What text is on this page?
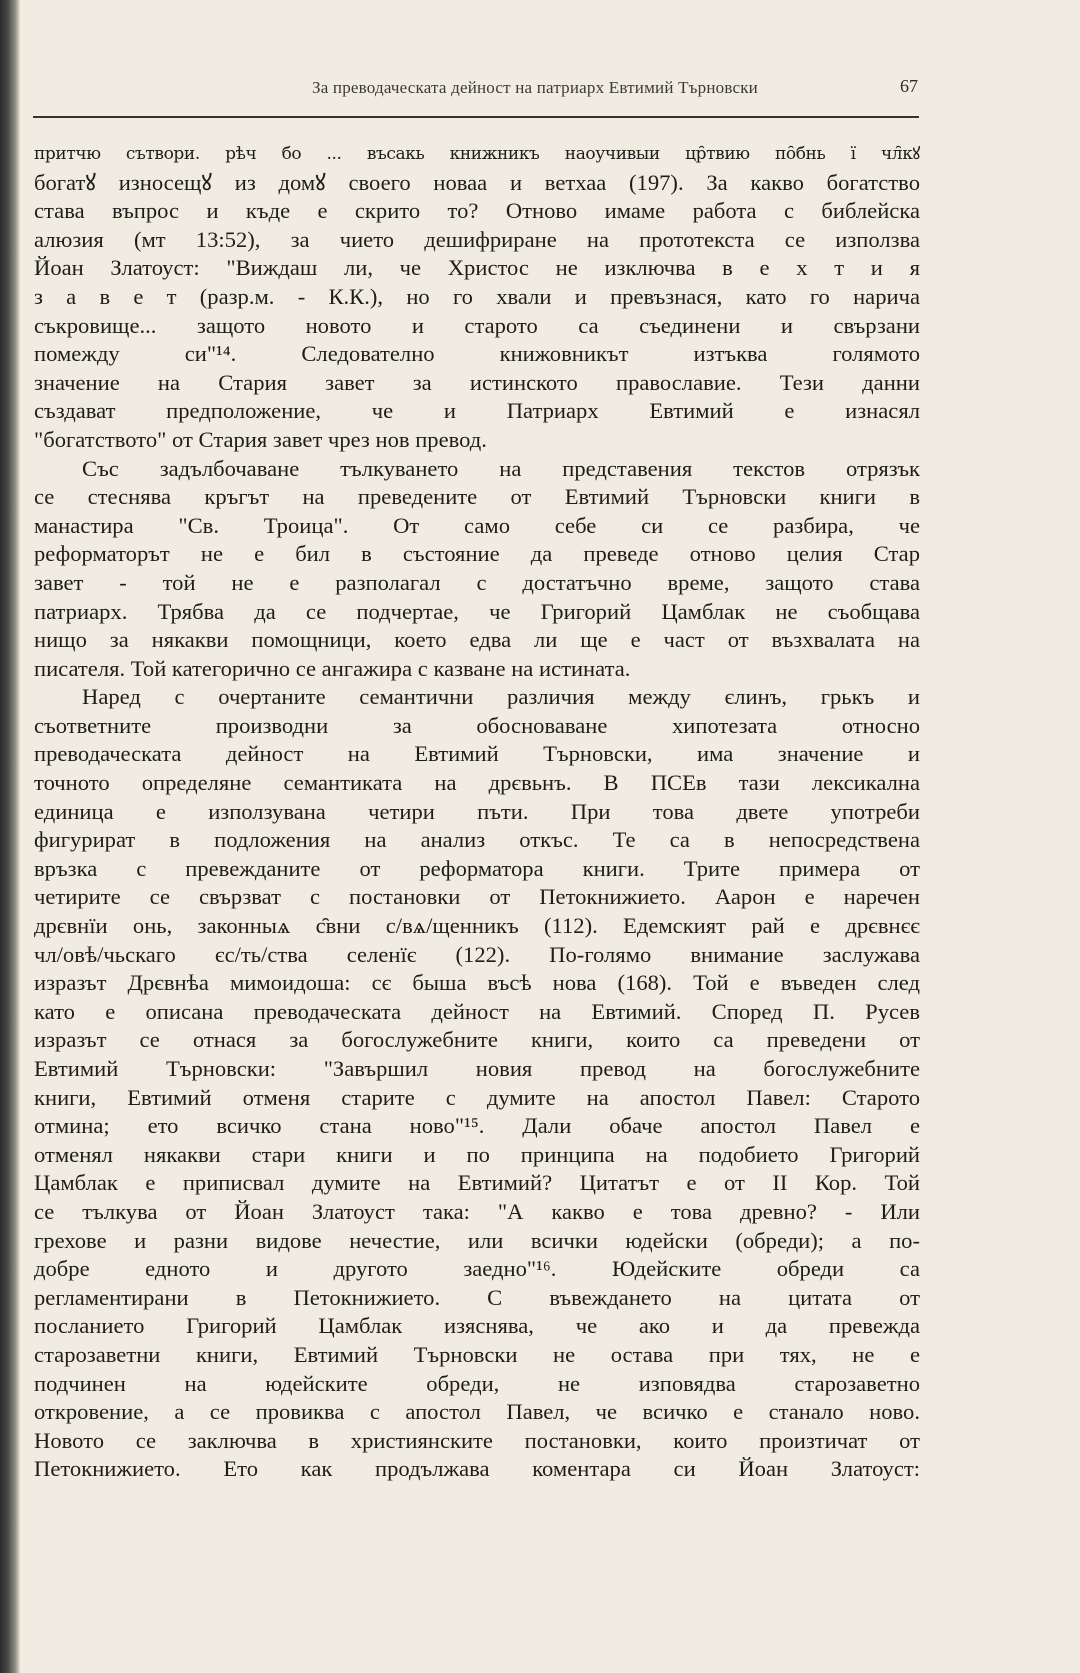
За преводаческата дейност на патриарх Евтимий Търновски	67
притчю сътвори. рѣч бо ... въсакь книжникъ наоучивыи цр̑твию по̑бнь ї чл̑кꙋ
богатꙋ износещꙋ из домꙋ своего новаа и ветхаа (197). За какво богатство
става въпрос и къде е скрито то? Отново имаме работа с библейска
алюзия (мт 13:52), за чието дешифриране на прототекста се използва
Йоан Златоуст: "Виждаш ли, че Христос не изключва в е х т и я
з а в е т (разр.м. - К.К.), но го хвали и превъзнася, като го нарича
съкровище... защото новото и старото са съединени и свързани
помежду си"¹⁴. Следователно книжовникът изтъква голямото
значение на Стария завет за истинското православие. Тези данни
създават предположение, че и Патриарх Евтимий е изнасял
"богатството" от Стария завет чрез нов превод.
Със задълбочаване тълкуването на представения текстов отрязък
се стеснява кръгът на преведените от Евтимий Търновски книги в
манастира "Св. Троица". От само себе си се разбира, че
реформаторът не е бил в състояние да преведе отново целия Стар
завет - той не е разполагал с достатъчно време, защото става
патриарх. Трябва да се подчертае, че Григорий Цамблак не съобщава
нищо за някакви помощници, което едва ли ще е част от възхвалата на
писателя. Той категорично се ангажира с казване на истината.
Наред с очертаните семантични различия между єлинъ, грькъ и
съответните производни за обосноваване хипотезата относно
преводаческата дейност на Евтимий Търновски, има значение и
точното определяне семантиката на дрєвьнъ. В ПСЕв тази лексикална
единица е използувана четири пъти. При това двете употреби
фигурират в подложения на анализ откъс. Те са в непосредствена
връзка с превежданите от реформатора книги. Трите примера от
четирите се свързват с постановки от Петокнижието. Аарон е наречен
дрєвнїи онь, законныѧ с̑вни с/вѧ/щенникъ (112). Едемският рай е дрєвнєє
чл/овѣ/чьскаго єс/ть/ства селенїє (122). По-голямо внимание заслужава
изразът Дрєвнѣа мимоидоша: сє быша въсѣ нова (168). Той е въведен след
като е описана преводаческата дейност на Евтимий. Според П. Русев
изразът се отнася за богослужебните книги, които са преведени от
Евтимий Търновски: "Завършил новия превод на богослужебните
книги, Евтимий отменя старите с думите на апостол Павел: Старото
отмина; ето всичко стана ново"¹⁵. Дали обаче апостол Павел е
отменял някакви стари книги и по принципа на подобието Григорий
Цамблак е приписвал думите на Евтимий? Цитатът е от II Кор. Той
се тълкува от Йоан Златоуст така: "А какво е това древно? - Или
грехове и разни видове нечестие, или всички юдейски (обреди); а по-
добре едното и другото заедно"¹⁶. Юдейските обреди са
регламентирани в Петокнижието. С въвеждането на цитата от
посланието Григорий Цамблак изяснява, че ако и да превежда
старозаветни книги, Евтимий Търновски не остава при тях, не е
подчинен на юдейските обреди, не изповядва старозаветно
откровение, а се провиква с апостол Павел, че всичко е станало ново.
Новото се заключва в християнските постановки, които произтичат от
Петокнижието. Ето как продължава коментара си Йоан Златоуст:
